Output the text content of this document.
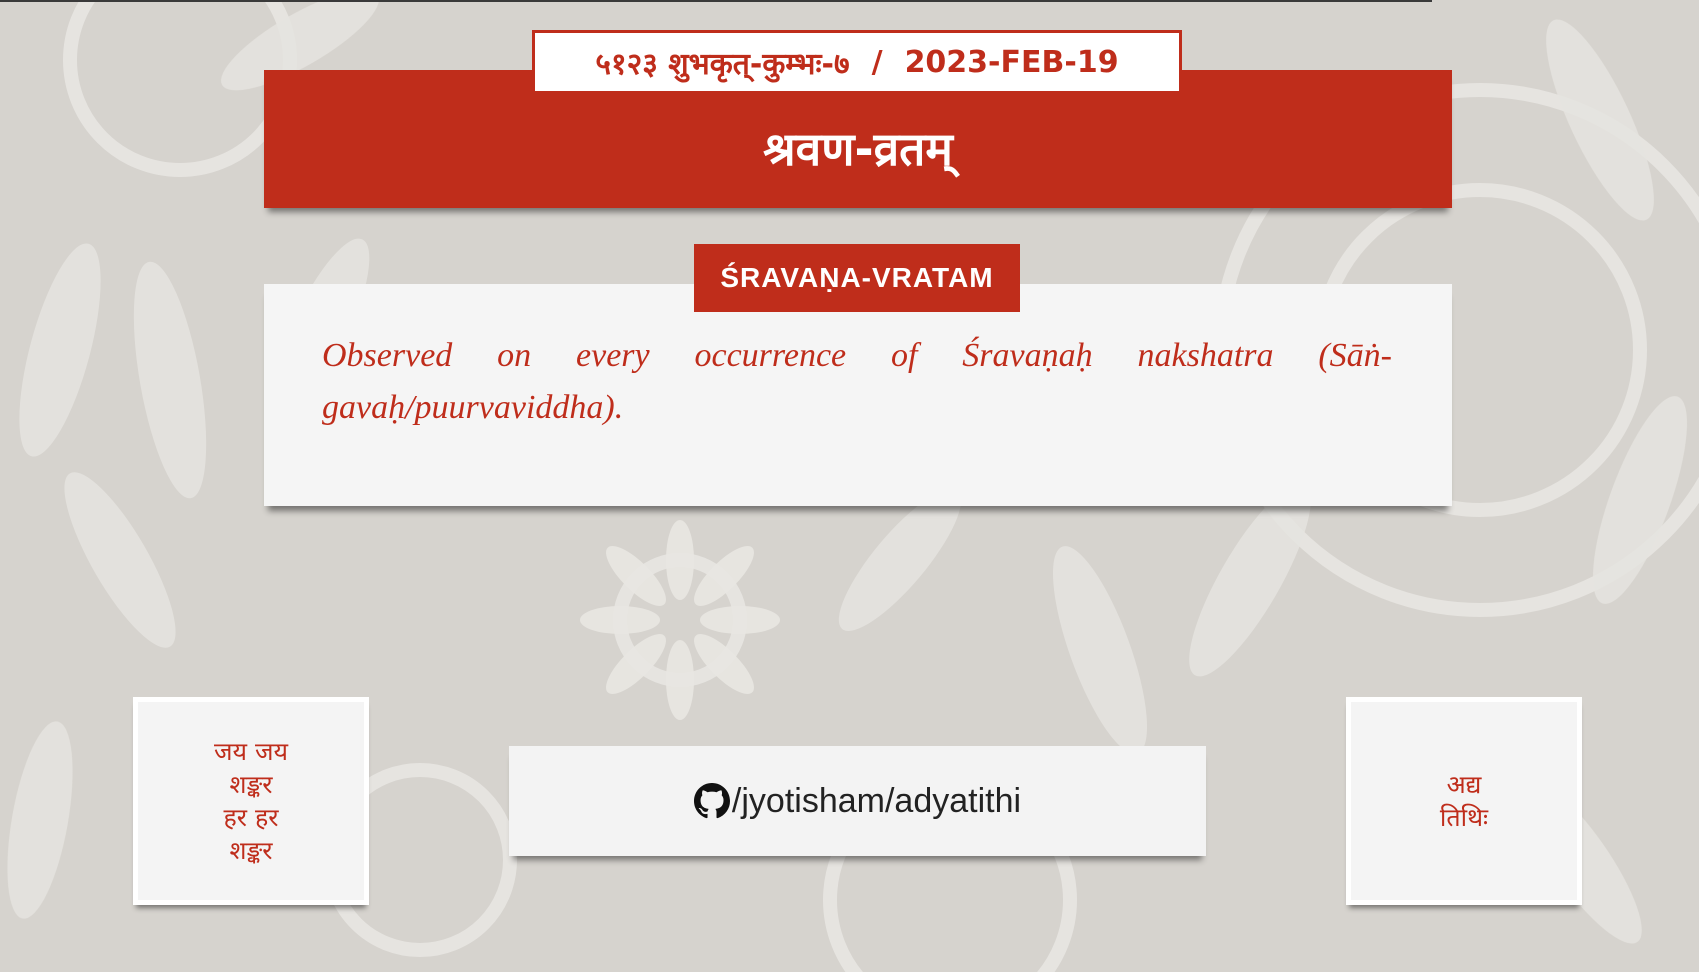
५१२३ शुभकृत्-कुम्भः-७ / 2023-FEB-19
श्रवण-व्रतम्
ŚRAVAṆA-VRATAM
Observed on every occurrence of Śravaṇaḥ nakshatra (Sāṅ-gavaḥ/puurvaviddha).
जय जय
शङ्कर
हर हर
शङ्कर
/jyotisham/adyatithi	अद्य
तिथिः
